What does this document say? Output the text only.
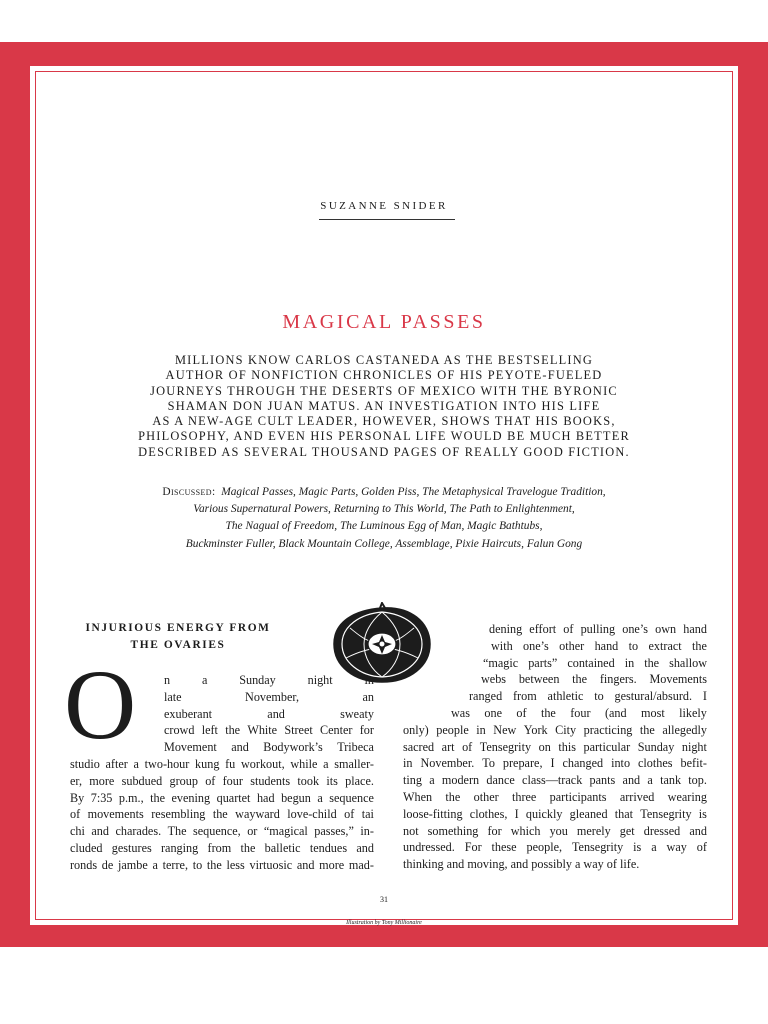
SUZANNE SNIDER
MAGICAL PASSES
MILLIONS KNOW CARLOS CASTANEDA AS THE BESTSELLING
AUTHOR OF NONFICTION CHRONICLES OF HIS PEYOTE-FUELED
JOURNEYS THROUGH THE DESERTS OF MEXICO WITH THE BYRONIC
SHAMAN DON JUAN MATUS. AN INVESTIGATION INTO HIS LIFE
AS A NEW-AGE CULT LEADER, HOWEVER, SHOWS THAT HIS BOOKS,
PHILOSOPHY, AND EVEN HIS PERSONAL LIFE WOULD BE MUCH BETTER
DESCRIBED AS SEVERAL THOUSAND PAGES OF REALLY GOOD FICTION.
Discussed: Magical Passes, Magic Parts, Golden Piss, The Metaphysical Travelogue Tradition,
Various Supernatural Powers, Returning to This World, The Path to Enlightenment,
The Nagual of Freedom, The Luminous Egg of Man, Magic Bathtubs,
Buckminster Fuller, Black Mountain College, Assemblage, Pixie Haircuts, Falun Gong
INJURIOUS ENERGY FROM
THE OVARIES
O n	a	Sunday	night	in
late	November,	an
exuberant	and	sweaty
crowd left the White Street Center for
Movement and Bodywork’s Tribeca
studio after a two-hour kung fu workout, while a smaller-
er, more subdued group of four students took its place.
By 7:35 p.m., the evening quartet had begun a sequence
of movements resembling the wayward love-child of tai
chi and charades. The sequence, or “magical passes,” in-
cluded gestures ranging from the balletic tendues and
ronds de jambe a terre, to the less virtuosic and more mad-
dening effort of pulling one’s own hand
with one’s other hand to extract the
“magic parts” contained in the shallow
webs between the fingers. Movements
ranged from athletic to gestural/absurd. I
was one of the four (and most likely
only) people in New York City practicing the allegedly
sacred art of Tensegrity on this particular Sunday night
in November. To prepare, I changed into clothes befit-
ting a modern dance class—track pants and a tank top.
When the other three participants arrived wearing
loose-fitting clothes, I quickly gleaned that Tensegrity is
not something for which you merely get dressed and
undressed. For these people, Tensegrity is a way of
thinking and moving, and possibly a way of life.
31
Illustration by Tony Millionaire
